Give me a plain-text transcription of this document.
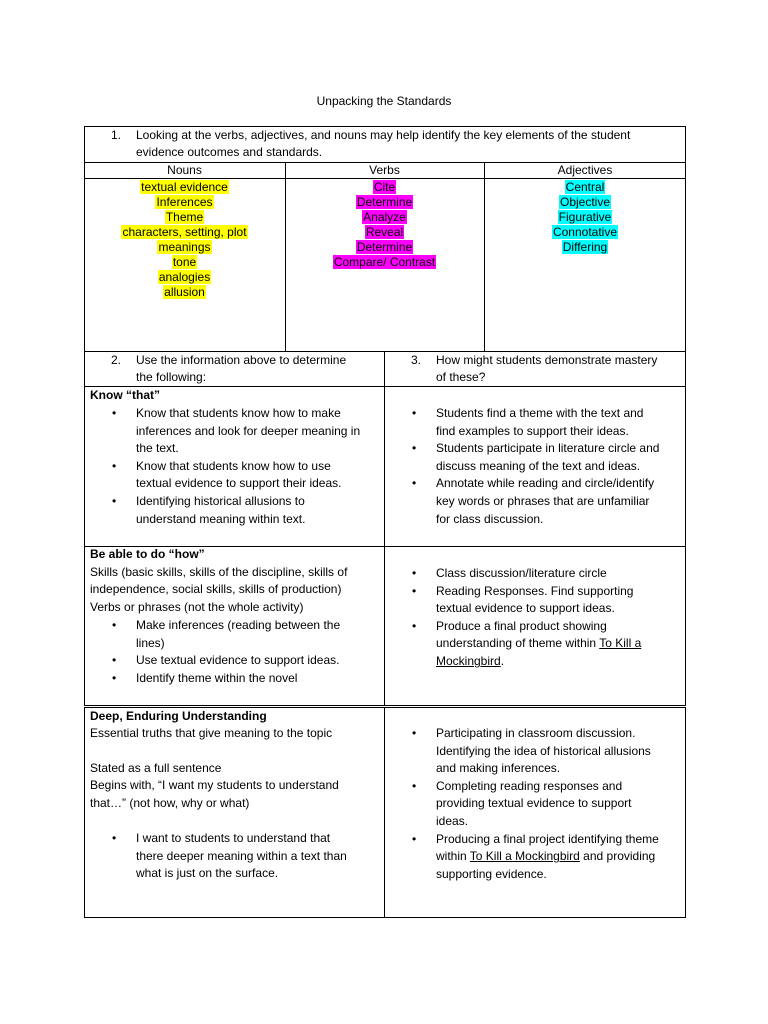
Unpacking the Standards
1. Looking at the verbs, adjectives, and nouns may help identify the key elements of the student
evidence outcomes and standards.
Nouns	Verbs	Adjectives
textual evidence
Inferences
Theme
characters, setting, plot
meanings
tone
analogies
allusion
Cite
Determine
Analyze
Reveal
Determine
Compare/ Contrast
Central
Objective
Figurative
Connotative
Differing
2. Use the information above to determine
the following:
3. How might students demonstrate mastery
of these?
Know “that”
• Know that students know how to make
inferences and look for deeper meaning in
the text.
• Know that students know how to use
textual evidence to support their ideas.
• Identifying historical allusions to
understand meaning within text.
• Students find a theme with the text and
find examples to support their ideas.
• Students participate in literature circle and
discuss meaning of the text and ideas.
• Annotate while reading and circle/identify
key words or phrases that are unfamiliar
for class discussion.
Be able to do “how”
Skills (basic skills, skills of the discipline, skills of
independence, social skills, skills of production)
Verbs or phrases (not the whole activity)
• Make inferences (reading between the
lines)
• Use textual evidence to support ideas.
• Identify theme within the novel
• Class discussion/literature circle
• Reading Responses. Find supporting
textual evidence to support ideas.
• Produce a final product showing
understanding of theme within To Kill a
Mockingbird.
Deep, Enduring Understanding
Essential truths that give meaning to the topic
Stated as a full sentence
Begins with, “I want my students to understand
that…” (not how, why or what)
• I want to students to understand that
there deeper meaning within a text than
what is just on the surface.
• Participating in classroom discussion.
Identifying the idea of historical allusions
and making inferences.
• Completing reading responses and
providing textual evidence to support
ideas.
• Producing a final project identifying theme
within To Kill a Mockingbird and providing
supporting evidence.
